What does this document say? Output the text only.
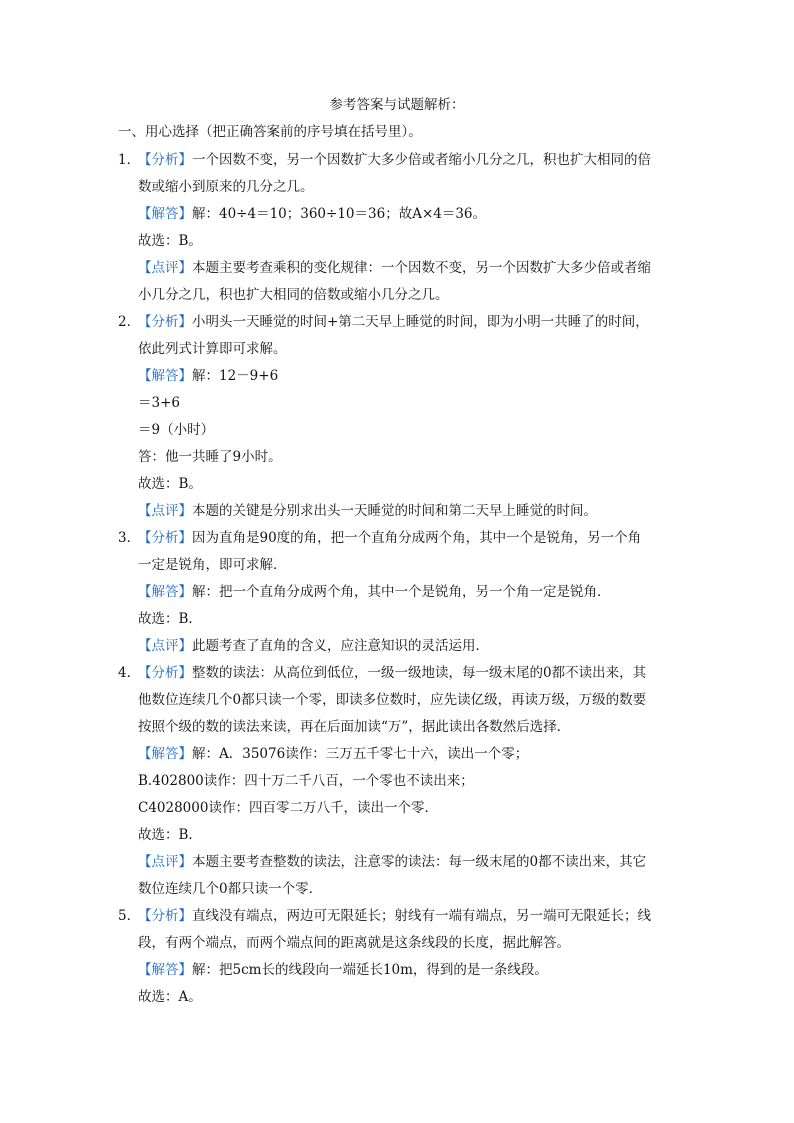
参考答案与试题解析：
一、用心选择（把正确答案前的序号填在括号里）。
1．
【分析】一个因数不变，另一个因数扩大多少倍或者缩小几分之几，积也扩大相同的倍
数或缩小到原来的几分之几。
【解答】解：40÷4＝10；360÷10＝36；故A×4＝36。
故选：B。
【点评】本题主要考查乘积的变化规律：一个因数不变，另一个因数扩大多少倍或者缩
小几分之几，积也扩大相同的倍数或缩小几分之几。
2．
【分析】小明头一天睡觉的时间+第二天早上睡觉的时间，即为小明一共睡了的时间，
依此列式计算即可求解。
【解答】解：12－9+6
＝3+6
＝9（小时）
答：他一共睡了9小时。
故选：B。
【点评】本题的关键是分别求出头一天睡觉的时间和第二天早上睡觉的时间。
3．
【分析】因为直角是90度的角，把一个直角分成两个角，其中一个是锐角，另一个角
一定是锐角，即可求解．
【解答】解：把一个直角分成两个角，其中一个是锐角，另一个角一定是锐角．
故选：B．
【点评】此题考查了直角的含义，应注意知识的灵活运用．
4．
【分析】整数的读法：从高位到低位，一级一级地读，每一级末尾的0都不读出来，其
他数位连续几个0都只读一个零，即读多位数时，应先读亿级，再读万级，万级的数要
按照个级的数的读法来读，再在后面加读“万”，据此读出各数然后选择．
【解答】解：A．35076读作：三万五千零七十六，读出一个零；
B.402800读作：四十万二千八百，一个零也不读出来；
C4028000读作：四百零二万八千，读出一个零．
故选：B．
【点评】本题主要考查整数的读法，注意零的读法：每一级末尾的0都不读出来，其它
数位连续几个0都只读一个零．
5．
【分析】直线没有端点，两边可无限延长；射线有一端有端点，另一端可无限延长；线
段，有两个端点，而两个端点间的距离就是这条线段的长度，据此解答。
【解答】解：把5cm长的线段向一端延长10m，得到的是一条线段。
故选：A。
